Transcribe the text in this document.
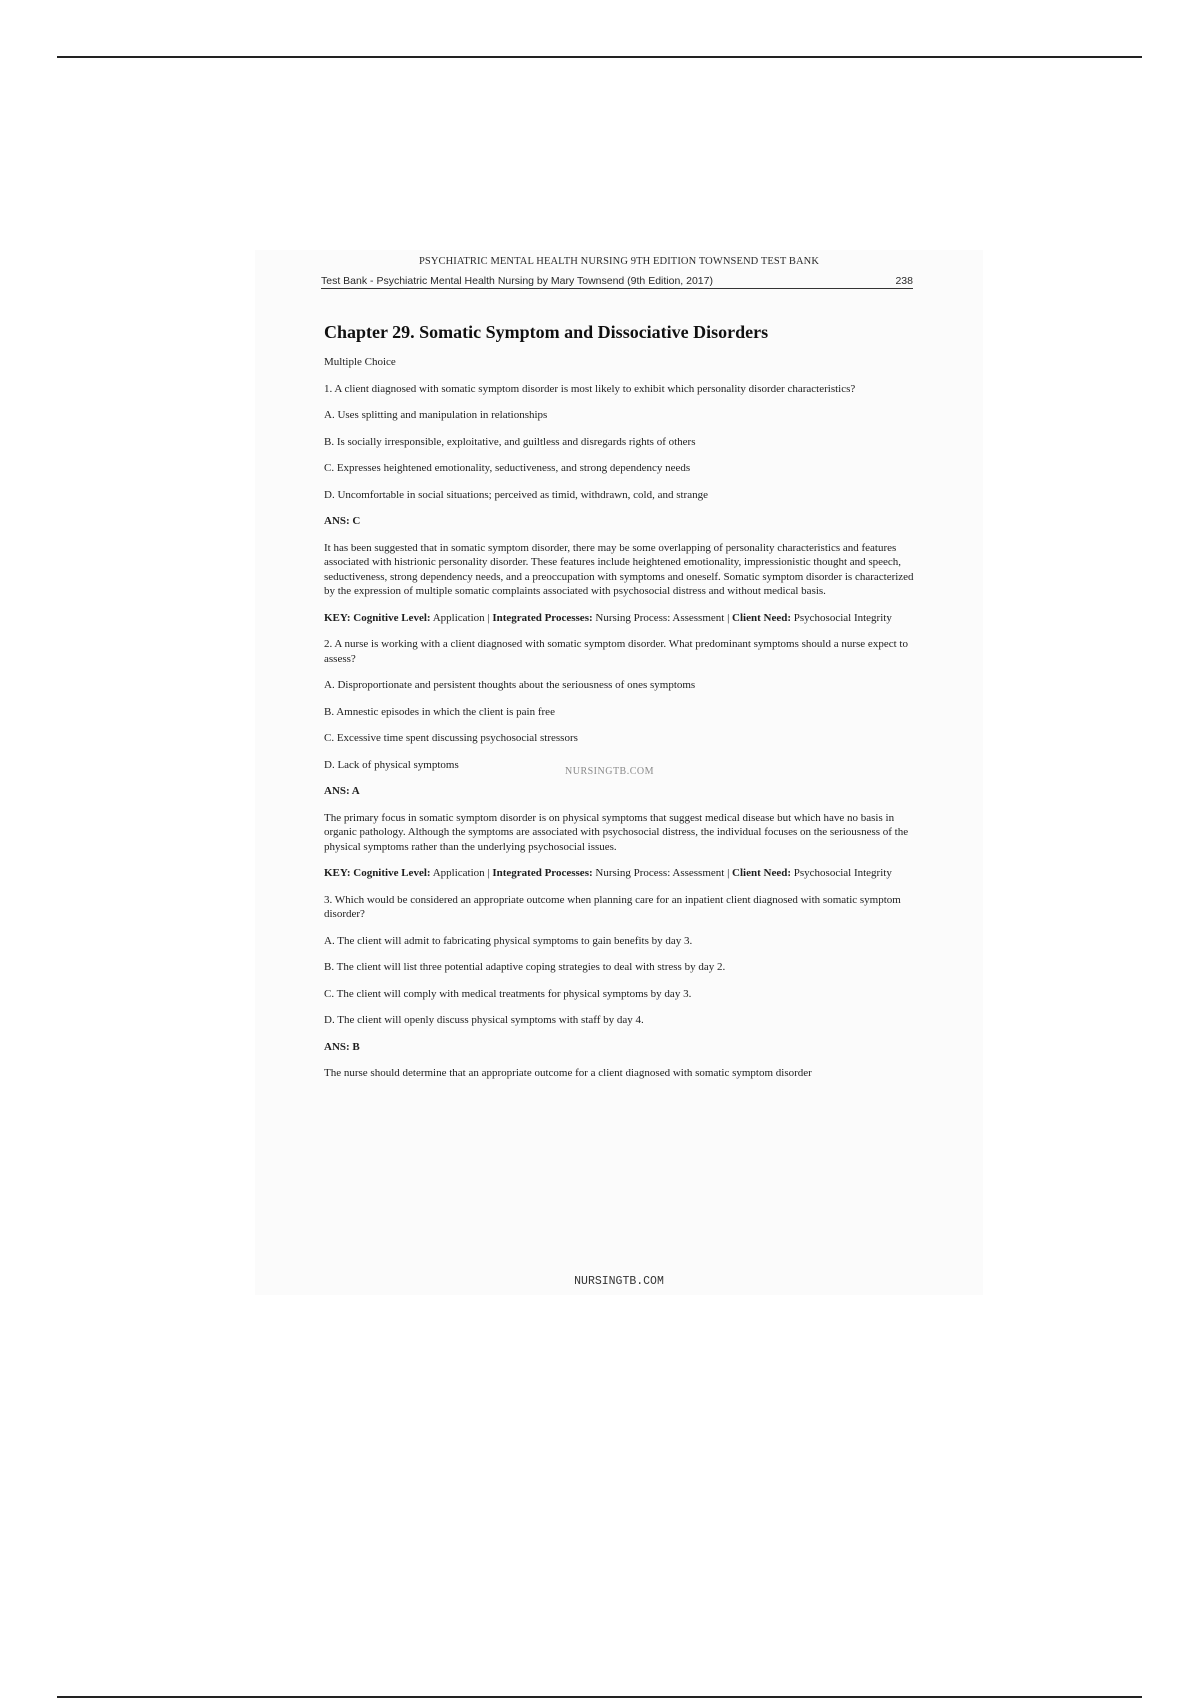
PSYCHIATRIC MENTAL HEALTH NURSING 9TH EDITION TOWNSEND TEST BANK
Test Bank - Psychiatric Mental Health Nursing by Mary Townsend (9th Edition, 2017)	238
Chapter 29. Somatic Symptom and Dissociative Disorders

Multiple Choice

1. A client diagnosed with somatic symptom disorder is most likely to exhibit which personality disorder characteristics?

A. Uses splitting and manipulation in relationships

B. Is socially irresponsible, exploitative, and guiltless and disregards rights of others

C. Expresses heightened emotionality, seductiveness, and strong dependency needs

D. Uncomfortable in social situations; perceived as timid, withdrawn, cold, and strange

ANS: C

It has been suggested that in somatic symptom disorder, there may be some overlapping of personality characteristics and features associated with histrionic personality disorder. These features include heightened emotionality, impressionistic thought and speech, seductiveness, strong dependency needs, and a preoccupation with symptoms and oneself. Somatic symptom disorder is characterized by the expression of multiple somatic complaints associated with psychosocial distress and without medical basis.

KEY: Cognitive Level: Application | Integrated Processes: Nursing Process: Assessment | Client Need: Psychosocial Integrity

2. A nurse is working with a client diagnosed with somatic symptom disorder. What predominant symptoms should a nurse expect to assess?

A. Disproportionate and persistent thoughts about the seriousness of ones symptoms

B. Amnestic episodes in which the client is pain free

C. Excessive time spent discussing psychosocial stressors

D. Lack of physical symptoms

ANS: A

The primary focus in somatic symptom disorder is on physical symptoms that suggest medical disease but which have no basis in organic pathology. Although the symptoms are associated with psychosocial distress, the individual focuses on the seriousness of the physical symptoms rather than the underlying psychosocial issues.

KEY: Cognitive Level: Application | Integrated Processes: Nursing Process: Assessment | Client Need: Psychosocial Integrity

3. Which would be considered an appropriate outcome when planning care for an inpatient client diagnosed with somatic symptom disorder?

A. The client will admit to fabricating physical symptoms to gain benefits by day 3.

B. The client will list three potential adaptive coping strategies to deal with stress by day 2.

C. The client will comply with medical treatments for physical symptoms by day 3.

D. The client will openly discuss physical symptoms with staff by day 4.

ANS: B

The nurse should determine that an appropriate outcome for a client diagnosed with somatic symptom disorder

NURSINGTB.COM
NURSINGTB.COM
